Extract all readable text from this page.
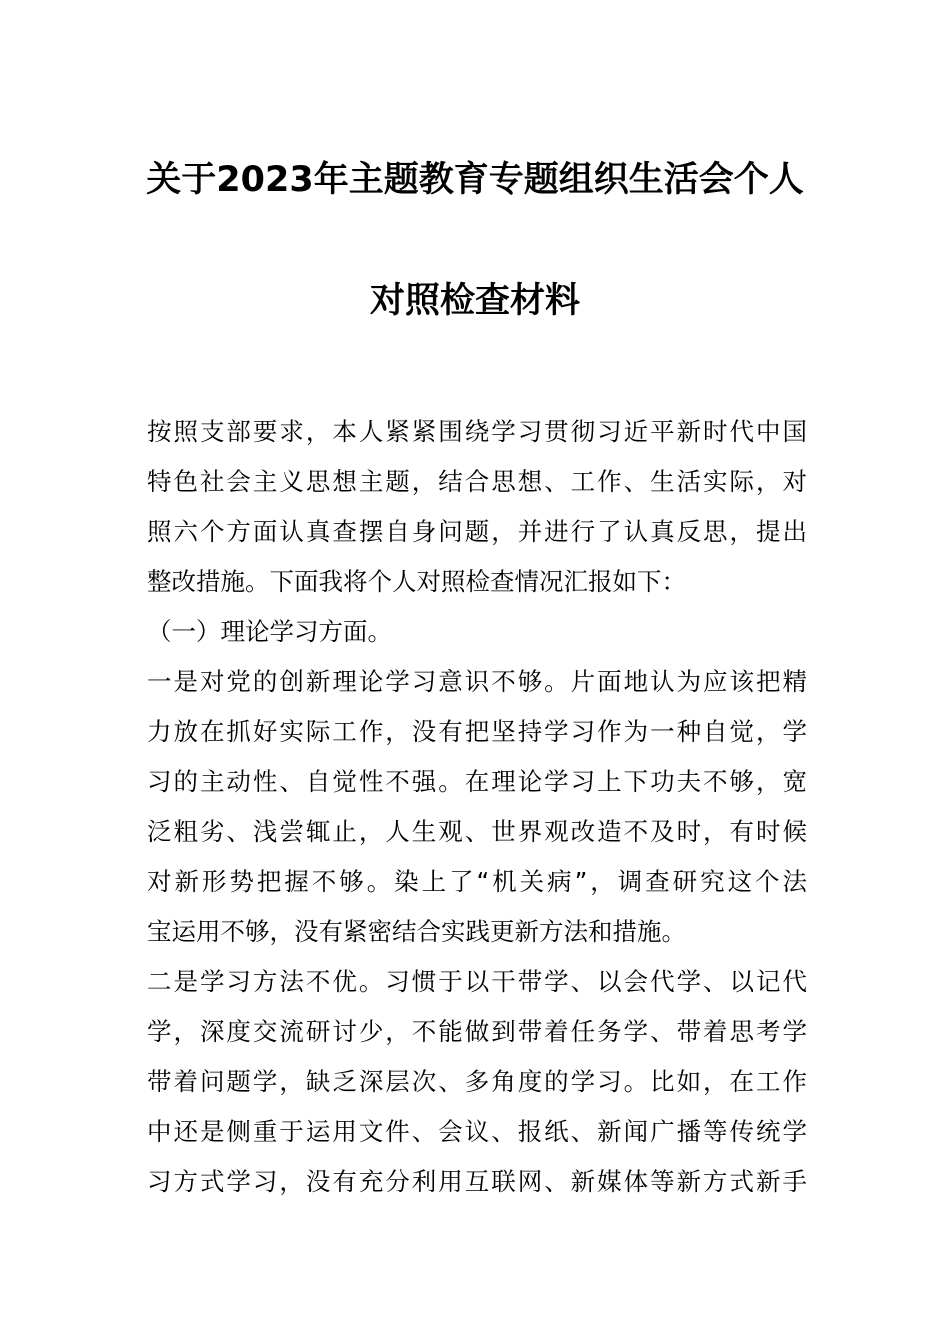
关于2023年主题教育专题组织生活会个人
对照检查材料
按照支部要求，本人紧紧围绕学习贯彻习近平新时代中国
特色社会主义思想主题，结合思想、工作、生活实际，对
照六个方面认真查摆自身问题，并进行了认真反思，提出
整改措施。下面我将个人对照检查情况汇报如下：
（一）理论学习方面。
一是对党的创新理论学习意识不够。片面地认为应该把精
力放在抓好实际工作，没有把坚持学习作为一种自觉，学
习的主动性、自觉性不强。在理论学习上下功夫不够，宽
泛粗劣、浅尝辄止，人生观、世界观改造不及时，有时候
对新形势把握不够。染上了“机关病”，调查研究这个法
宝运用不够，没有紧密结合实践更新方法和措施。
二是学习方法不优。习惯于以干带学、以会代学、以记代
学，深度交流研讨少，不能做到带着任务学、带着思考学
带着问题学，缺乏深层次、多角度的学习。比如，在工作
中还是侧重于运用文件、会议、报纸、新闻广播等传统学
习方式学习，没有充分利用互联网、新媒体等新方式新手
